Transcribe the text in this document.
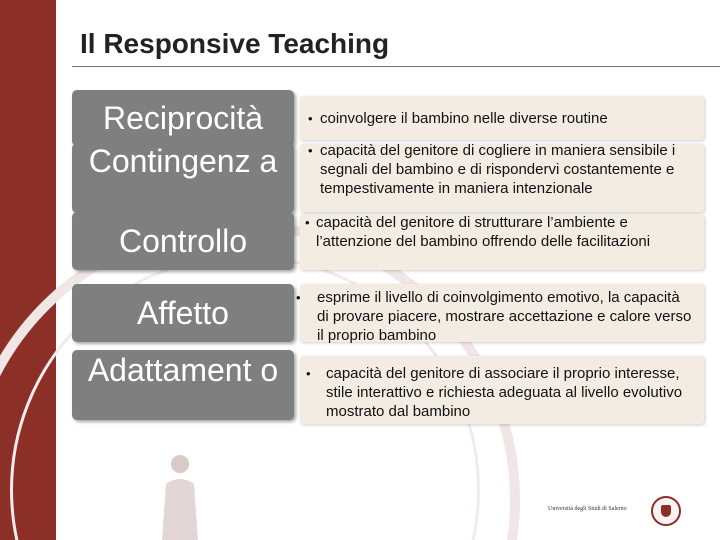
Il Responsive Teaching
Reciprocità
Contingenz a
Controllo
Affetto
Adattament o
• coinvolgere il bambino nelle diverse routine
• capacità del genitore di cogliere in maniera sensibile i segnali del bambino e di rispondervi costantemente e tempestivamente in maniera intenzionale
• capacità del genitore di strutturare l’ambiente e l’attenzione del bambino offrendo delle facilitazioni
•	esprime il livello di coinvolgimento emotivo, la capacità di provare piacere, mostrare accettazione e calore verso il proprio bambino
•	capacità del genitore di associare il proprio interesse, stile interattivo e richiesta adeguata al livello evolutivo mostrato dal bambino
Università degli Studi di Salerno
